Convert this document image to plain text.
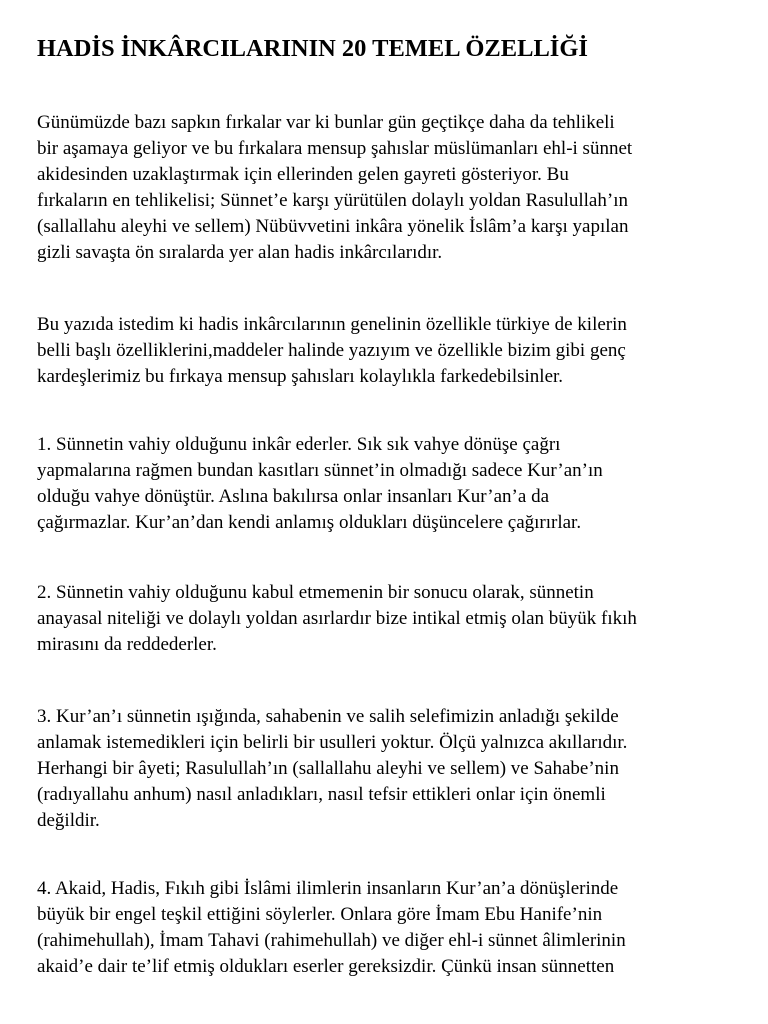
HADİS İNKÂRCILARININ 20 TEMEL ÖZELLİĞİ

Günümüzde bazı sapkın fırkalar var ki bunlar gün geçtikçe daha da tehlikeli
bir aşamaya geliyor ve bu fırkalara mensup şahıslar müslümanları ehl-i sünnet
akidesinden uzaklaştırmak için ellerinden gelen gayreti gösteriyor. Bu
fırkaların en tehlikelisi; Sünnet’e karşı yürütülen dolaylı yoldan Rasulullah’ın
(sallallahu aleyhi ve sellem) Nübüvvetini inkâra yönelik İslâm’a karşı yapılan
gizli savaşta ön sıralarda yer alan hadis inkârcılarıdır.

Bu yazıda istedim ki hadis inkârcılarının genelinin özellikle türkiye de kilerin
belli başlı özelliklerini,maddeler halinde yazıyım ve özellikle bizim gibi genç
kardeşlerimiz bu fırkaya mensup şahısları kolaylıkla farkedebilsinler.

1. Sünnetin vahiy olduğunu inkâr ederler. Sık sık vahye dönüşe çağrı
yapmalarına rağmen bundan kasıtları sünnet’in olmadığı sadece Kur’an’ın
olduğu vahye dönüştür. Aslına bakılırsa onlar insanları Kur’an’a da
çağırmazlar. Kur’an’dan kendi anlamış oldukları düşüncelere çağırırlar.

2. Sünnetin vahiy olduğunu kabul etmemenin bir sonucu olarak, sünnetin
anayasal niteliği ve dolaylı yoldan asırlardır bize intikal etmiş olan büyük fıkıh
mirasını da reddederler.

3. Kur’an’ı sünnetin ışığında, sahabenin ve salih selefimizin anladığı şekilde
anlamak istemedikleri için belirli bir usulleri yoktur. Ölçü yalnızca akıllarıdır.
Herhangi bir âyeti; Rasulullah’ın (sallallahu aleyhi ve sellem) ve Sahabe’nin
(radıyallahu anhum) nasıl anladıkları, nasıl tefsir ettikleri onlar için önemli
değildir.

4. Akaid, Hadis, Fıkıh gibi İslâmi ilimlerin insanların Kur’an’a dönüşlerinde
büyük bir engel teşkil ettiğini söylerler. Onlara göre İmam Ebu Hanife’nin
(rahimehullah), İmam Tahavi (rahimehullah) ve diğer ehl-i sünnet âlimlerinin
akaid’e dair te’lif etmiş oldukları eserler gereksizdir. Çünkü insan sünnetten
